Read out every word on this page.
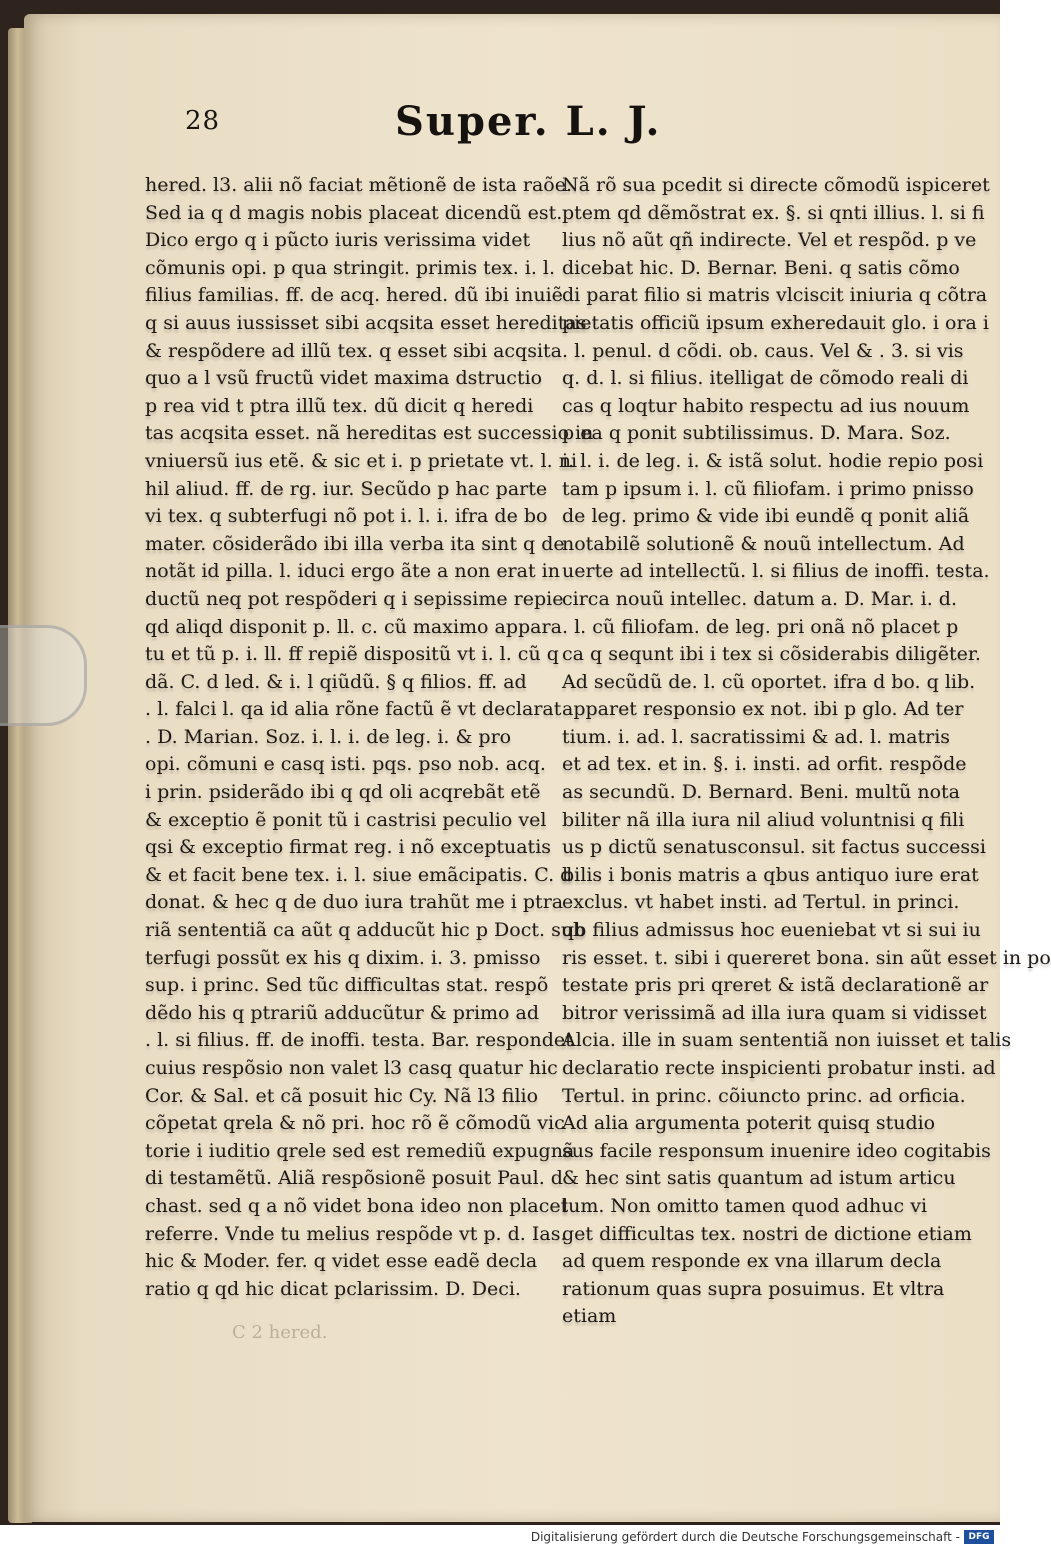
28	Super. L. J.
hered. l3. alii nõ faciat mẽtionẽ de ista raõe.
Sed ia q d magis nobis placeat dicendũ est.
Dico ergo q i pũcto iuris verissima videt
cõmunis opi. p qua stringit. primis tex. i. l.
filius familias. ff. de acq. hered. dũ ibi inuiẽ
q si auus iussisset sibi acqsita esset hereditas
& respõdere ad illũ tex. q esset sibi acqsita
quo a l vsũ fructũ videt maxima dstructio
p rea vid t ptra illũ tex. dũ dicit q heredi
tas acqsita esset. nã hereditas est successio in
vniuersũ ius etẽ. & sic et i. p prietate vt. l. ni
hil aliud. ff. de rg. iur. Secũdo p hac parte
vi tex. q subterfugi nõ pot i. l. i. ifra de bo
mater. cõsiderãdo ibi illa verba ita sint q de
notãt id pilla. l. iduci ergo ãte a non erat in
ductũ neq pot respõderi q i sepissime repie
qd aliqd disponit p. ll. c. cũ maximo appara
tu et tũ p. i. ll. ff repiẽ dispositũ vt i. l. cũ q
dã. C. d led. & i. l qiũdũ. § q filios. ff. ad
. l. falci l. qa id alia rõne factũ ẽ vt declarat
. D. Marian. Soz. i. l. i. de leg. i. & pro
opi. cõmuni e casq isti. pqs. pso nob. acq.
i prin. psiderãdo ibi q qd oli acqrebãt etẽ
& exceptio ẽ ponit tũ i castrisi peculio vel
qsi & exceptio firmat reg. i nõ exceptuatis
& et facit bene tex. i. l. siue emãcipatis. C. d
donat. & hec q de duo iura trahũt me i ptra
riã sententiã ca aũt q adducũt hic p Doct. sub
terfugi possũt ex his q dixim. i. 3. pmisso
sup. i princ. Sed tũc difficultas stat. respõ
dẽdo his q ptrariũ adducũtur & primo ad
. l. si filius. ff. de inoffi. testa. Bar. respondet
cuius respõsio non valet l3 casq quatur hic
Cor. & Sal. et cã posuit hic Cy. Nã l3 filio
cõpetat qrela & nõ pri. hoc rõ ẽ cõmodũ vic
torie i iuditio qrele sed est remediũ expugnã
di testamẽtũ. Aliã respõsionẽ posuit Paul. d
chast. sed q a nõ videt bona ideo non placet
referre. Vnde tu melius respõde vt p. d. Ias.
hic & Moder. fer. q videt esse eadẽ decla
ratio q qd hic dicat pclarissim. D. Deci.
Nã rõ sua pcedit si directe cõmodũ ispiceret
ptem qd dẽmõstrat ex. §. si qnti illius. l. si fi
lius nõ aũt qñ indirecte. Vel et respõd. p ve
dicebat hic. D. Bernar. Beni. q satis cõmo
di parat filio si matris vlciscit iniuria q cõtra
pietatis officiũ ipsum exheredauit glo. i ora i
. l. penul. d cõdi. ob. caus. Vel & . 3. si vis
q. d. l. si filius. itelligat de cõmodo reali di
cas q loqtur habito respectu ad ius nouum
p ea q ponit subtilissimus. D. Mara. Soz.
i. l. i. de leg. i. & istã solut. hodie repio posi
tam p ipsum i. l. cũ filiofam. i primo pnisso
de leg. primo & vide ibi eundẽ q ponit aliã
notabilẽ solutionẽ & nouũ intellectum. Ad
uerte ad intellectũ. l. si filius de inoffi. testa.
circa nouũ intellec. datum a. D. Mar. i. d.
. l. cũ filiofam. de leg. pri onã nõ placet p
ca q sequnt ibi i tex si cõsiderabis diligẽter.
Ad secũdũ de. l. cũ oportet. ifra d bo. q lib.
apparet responsio ex not. ibi p glo. Ad ter
tium. i. ad. l. sacratissimi & ad. l. matris
et ad tex. et in. §. i. insti. ad orfit. respõde
as secundũ. D. Bernard. Beni. multũ nota
biliter nã illa iura nil aliud voluntnisi q fili
us p dictũ senatusconsul. sit factus successi
bilis i bonis matris a qbus antiquo iure erat
exclus. vt habet insti. ad Tertul. in princi.
qb filius admissus hoc eueniebat vt si sui iu
ris esset. t. sibi i quereret bona. sin aũt esset in po
testate pris pri qreret & istã declarationẽ ar
bitror verissimã ad illa iura quam si vidisset
Alcia. ille in suam sententiã non iuisset et talis
declaratio recte inspicienti probatur insti. ad
Tertul. in princ. cõiuncto princ. ad orficia.
Ad alia argumenta poterit quisq studio
sus facile responsum inuenire ideo cogitabis
& hec sint satis quantum ad istum articu
lum. Non omitto tamen quod adhuc vi
get difficultas tex. nostri de dictione etiam
ad quem responde ex vna illarum decla
rationum quas supra posuimus. Et vltra
etiam
C 2 hered.
Digitalisierung gefördert durch die Deutsche Forschungsgemeinschaft - DFG
